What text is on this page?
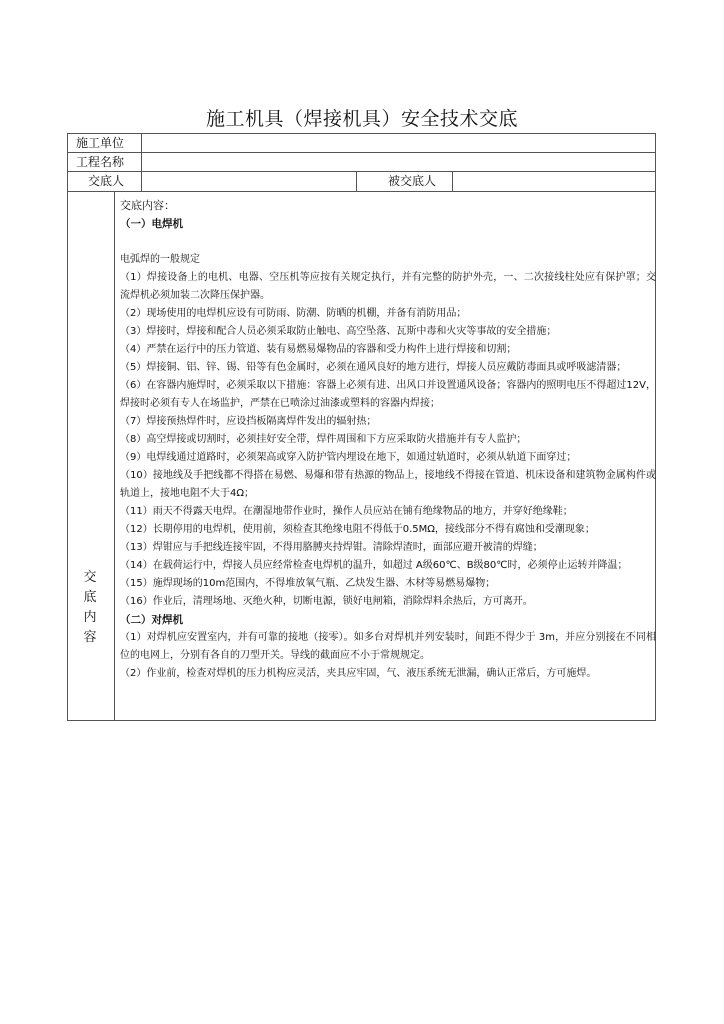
施工机具（焊接机具）安全技术交底
施工单位
工程名称
交底人	被交底人
交
底
内
容

交底内容：

（一）电焊机

电弧焊的一般规定

（1）焊接设备上的电机、电器、空压机等应按有关规定执行，并有完整的防护外壳，一、二次接线柱处应有保护罩；交流焊机必须加装二次降压保护器。

（2）现场使用的电焊机应设有可防雨、防潮、防晒的机棚，并备有消防用品；

（3）焊接时，焊接和配合人员必须采取防止触电、高空坠落、瓦斯中毒和火灾等事故的安全措施；

（4）严禁在运行中的压力管道、装有易燃易爆物品的容器和受力构件上进行焊接和切割；

（5）焊接铜、铝、锌、锡、铅等有色金属时，必须在通风良好的地方进行，焊接人员应戴防毒面具或呼吸滤清器；

（6）在容器内施焊时，必须采取以下措施：容器上必须有进、出风口并设置通风设备；容器内的照明电压不得超过12V，焊接时必须有专人在场监护，严禁在已喷涂过油漆或塑料的容器内焊接；

（7）焊接预热焊件时，应设挡板隔离焊件发出的辐射热；

（8）高空焊接或切割时，必须挂好安全带，焊件周围和下方应采取防火措施并有专人监护；

（9）电焊线通过道路时，必须架高或穿入防护管内埋设在地下，如通过轨道时，必须从轨道下面穿过；

（10）接地线及手把线都不得搭在易燃、易爆和带有热源的物品上，接地线不得接在管道、机床设备和建筑物金属构件或轨道上，接地电阻不大于4Ω；

（11）雨天不得露天电焊。在潮湿地带作业时，操作人员应站在铺有绝缘物品的地方，并穿好绝缘鞋；

（12）长期停用的电焊机，使用前，须检查其绝缘电阻不得低于0.5MΩ，接线部分不得有腐蚀和受潮现象；

（13）焊钳应与手把线连接牢固，不得用胳膊夹持焊钳。清除焊渣时，面部应避开被清的焊缝；

（14）在载荷运行中，焊接人员应经常检查电焊机的温升，如超过 A级60℃、B级80℃时，必须停止运转并降温；

（15）施焊现场的10m范围内，不得堆放氧气瓶、乙炔发生器、木材等易燃易爆物；

（16）作业后，清理场地、灭绝火种，切断电源，锁好电闸箱，消除焊料余热后，方可离开。

（二）对焊机

（1）对焊机应安置室内，并有可靠的接地（接零）。如多台对焊机并列安装时，间距不得少于 3m，并应分别接在不同相位的电网上，分别有各自的刀型开关。导线的截面应不小于常规规定。

（2）作业前，检查对焊机的压力机构应灵活，夹具应牢固，气、液压系统无泄漏，确认正常后，方可施焊。
